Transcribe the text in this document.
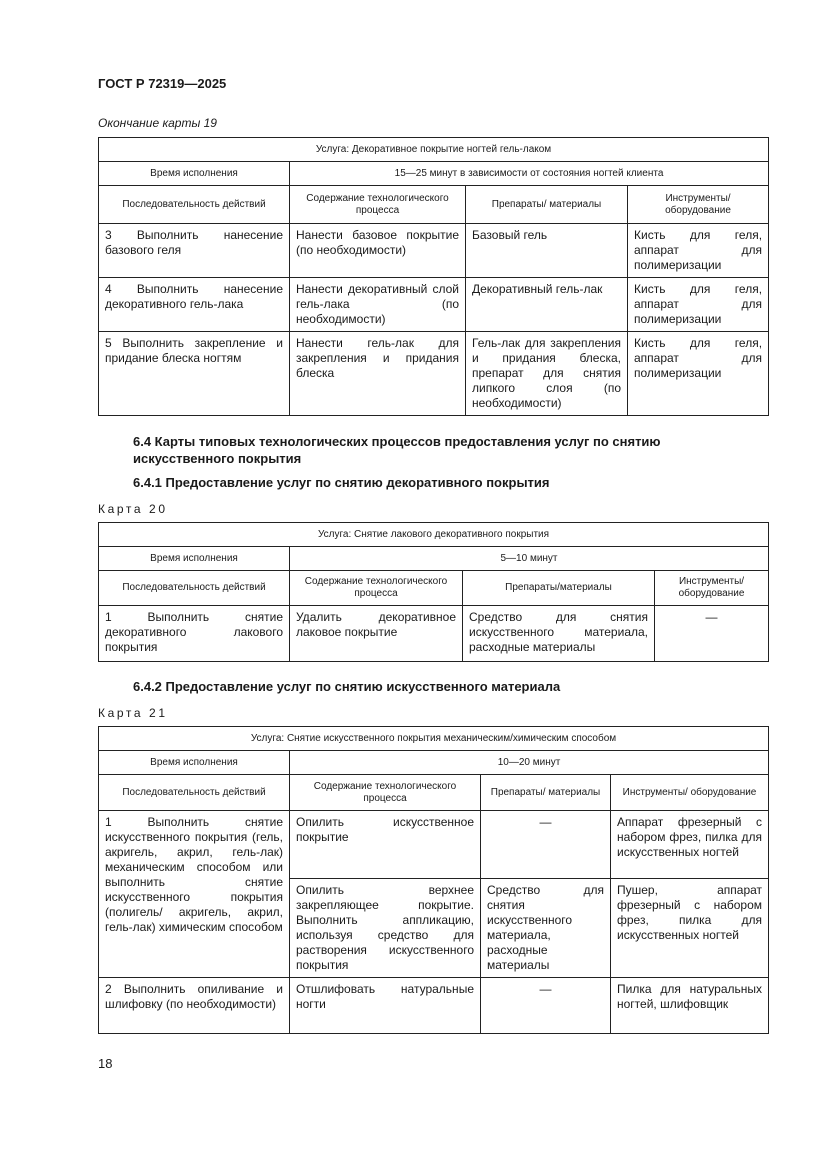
ГОСТ Р 72319—2025
Окончание карты 19
Услуга: Декоративное покрытие ногтей гель-лаком			
Время исполнения	15—25 минут в зависимости от состояния ногтей клиента		
Последовательность действий	Содержание технологического процесса	Препараты/ материалы	Инструменты/ оборудование
3 Выполнить нанесение базового геля	Нанести базовое покрытие (по необходимости)	Базовый гель	Кисть для геля, аппарат для полимеризации
4 Выполнить нанесение декоративного гель-лака	Нанести декоративный слой гель-лака (по необходимости)	Декоративный гель-лак	Кисть для геля, аппарат для полимеризации
5 Выполнить закрепление и придание блеска ногтям	Нанести гель-лак для закрепления и придания блеска	Гель-лак для закрепления и придания блеска, препарат для снятия липкого слоя (по необходимости)	Кисть для геля, аппарат для полимеризации
6.4 Карты типовых технологических процессов предоставления услуг по снятию искусственного покрытия
6.4.1 Предоставление услуг по снятию декоративного покрытия
Карта 20
Услуга: Снятие лакового декоративного покрытия			
Время исполнения	5—10 минут		
Последовательность действий	Содержание технологического процесса	Препараты/материалы	Инструменты/ оборудование
1 Выполнить снятие декоративного лакового покрытия	Удалить декоративное лаковое покрытие	Средство для снятия искусственного материала, расходные материалы	—
6.4.2 Предоставление услуг по снятию искусственного материала
Карта 21
Услуга: Снятие искусственного покрытия механическим/химическим способом			
Время исполнения	10—20 минут		
Последовательность действий	Содержание технологического процесса	Препараты/ материалы	Инструменты/ оборудование
1 Выполнить снятие искусственного покрытия (гель, акригель, акрил, гель-лак) механическим способом или выполнить снятие искусственного покрытия (полигель/ акригель, акрил, гель-лак) химическим способом	Опилить искусственное покрытие	—	Аппарат фрезерный с набором фрез, пилка для искусственных ногтей
	Опилить верхнее закрепляющее покрытие. Выполнить аппликацию, используя средство для растворения искусственного покрытия	Средство для снятия искусственного материала, расходные материалы	Пушер, аппарат фрезерный с набором фрез, пилка для искусственных ногтей
2 Выполнить опиливание и шлифовку (по необходимости)	Отшлифовать натуральные ногти	—	Пилка для натуральных ногтей, шлифовщик
18
